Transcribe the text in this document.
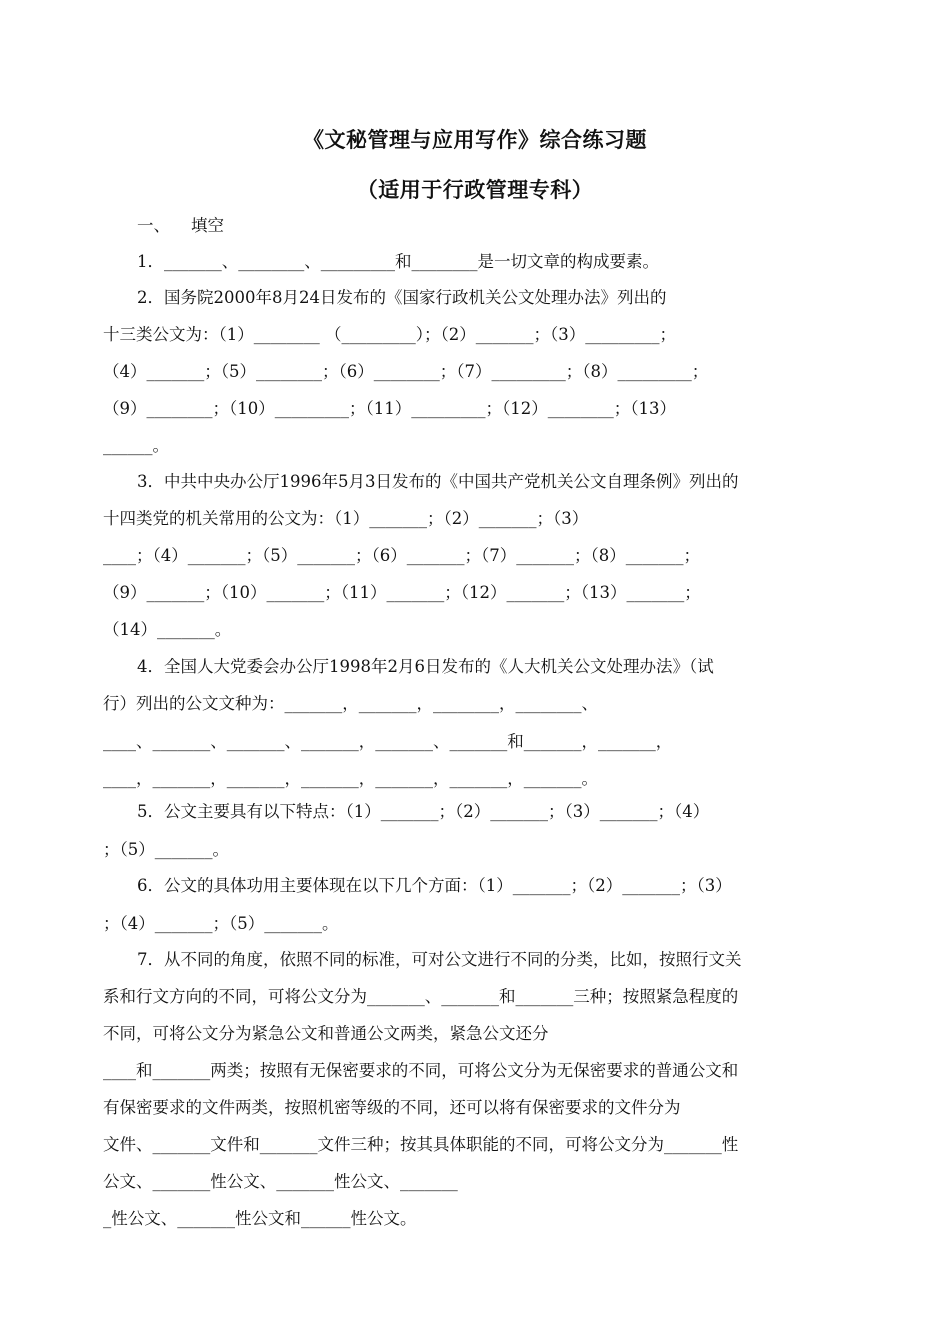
《文秘管理与应用写作》综合练习题
（适用于行政管理专科）
一、    填空
1．_______、________、_________和________是一切文章的构成要素。
2．国务院2000年8月24日发布的《国家行政机关公文处理办法》列出的
十三类公文为：（1）________ （_________）；（2）_______；（3）_________；
（4）_______；（5）________；（6）________；（7）_________；（8）_________；
（9）________；（10）_________；（11）_________；（12）________；（13）
______。
3．中共中央办公厅1996年5月3日发布的《中国共产党机关公文自理条例》列出的
十四类党的机关常用的公文为：（1）_______；（2）_______；（3）
____；（4）_______；（5）_______；（6）_______；（7）_______；（8）_______；
（9）_______；（10）_______；（11）_______；（12）_______；（13）_______；
（14）_______。
4．全国人大党委会办公厅1998年2月6日发布的《人大机关公文处理办法》（试
行）列出的公文文种为：_______，_______，________，________、
____、_______、_______、_______，_______、_______和_______，_______，
____，_______，_______，_______，_______，_______，_______。
5．公文主要具有以下特点：（1）_______；（2）_______；（3）_______；（4）
；（5）_______。
6．公文的具体功用主要体现在以下几个方面：（1）_______；（2）_______；（3）
；（4）_______；（5）_______。
7．从不同的角度，依照不同的标准，可对公文进行不同的分类，比如，按照行文关
系和行文方向的不同，可将公文分为_______、_______和_______三种；按照紧急程度的
不同，可将公文分为紧急公文和普通公文两类，紧急公文还分
____和_______两类；按照有无保密要求的不同，可将公文分为无保密要求的普通公文和
有保密要求的文件两类，按照机密等级的不同，还可以将有保密要求的文件分为
文件、_______文件和_______文件三种；按其具体职能的不同，可将公文分为_______性
公文、_______性公文、_______性公文、_______
_性公文、_______性公文和______性公文。
